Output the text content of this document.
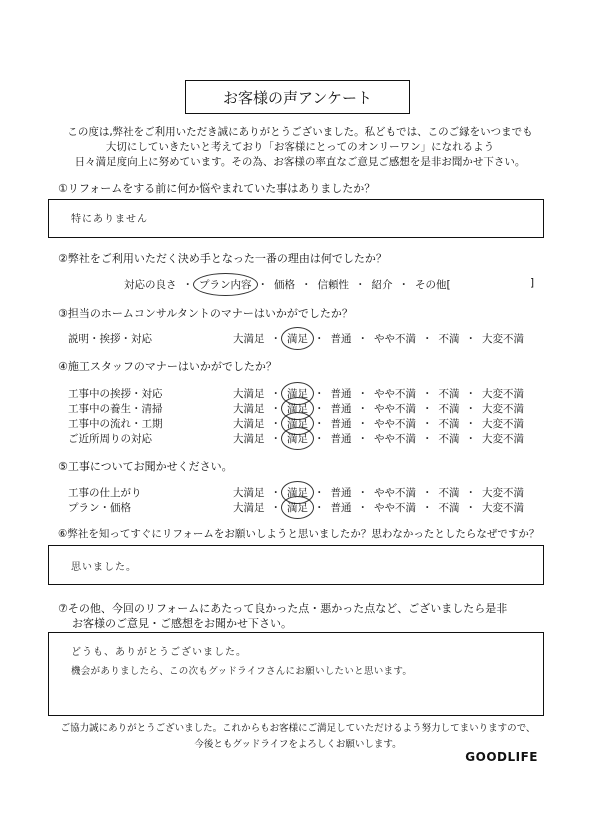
お客様の声アンケート
この度は,弊社をご利用いただき誠にありがとうございました。私どもでは、このご縁をいつまでも
大切にしていきたいと考えており「お客様にとってのオンリーワン」になれるよう
日々満足度向上に努めています。その為、お客様の率直なご意見ご感想を是非お聞かせ下さい。
①リフォームをする前に何か悩やまれていた事はありましたか？
特にありません
②弊社をご利用いただく決め手となった一番の理由は何でしたか？
対応の良さ ・ プラン内容 ・ 価格 ・ 信頼性 ・ 紹介 ・ その他[	]
③担当のホームコンサルタントのマナーはいかがでしたか？
説明・挨拶・対応	大満足 ・ 満足 ・ 普通 ・ やや不満 ・ 不満 ・ 大変不満
④施工スタッフのマナーはいかがでしたか？
工事中の挨拶・対応	大満足 ・ 満足 ・ 普通 ・ やや不満 ・ 不満 ・ 大変不満
工事中の養生・清掃	大満足 ・ 満足 ・ 普通 ・ やや不満 ・ 不満 ・ 大変不満
工事中の流れ・工期	大満足 ・ 満足 ・ 普通 ・ やや不満 ・ 不満 ・ 大変不満
ご近所周りの対応	大満足 ・ 満足 ・ 普通 ・ やや不満 ・ 不満 ・ 大変不満
⑤工事についてお聞かせください。
工事の仕上がり	大満足 ・ 満足 ・ 普通 ・ やや不満 ・ 不満 ・ 大変不満
プラン・価格	大満足 ・ 満足 ・ 普通 ・ やや不満 ・ 不満 ・ 大変不満
⑥弊社を知ってすぐにリフォームをお願いしようと思いましたか？思わなかったとしたらなぜですか？
思いました。
⑦その他、今回のリフォームにあたって良かった点・悪かった点など、ございましたら是非
お客様のご意見・ご感想をお聞かせ下さい。
どうも、ありがとうございました。
機会がありましたら、この次もグッドライフさんにお願いしたいと思います。
ご協力誠にありがとうございました。これからもお客様にご満足していただけるよう努力してまいりますので、
今後ともグッドライフをよろしくお願いします。
GOODLIFE
